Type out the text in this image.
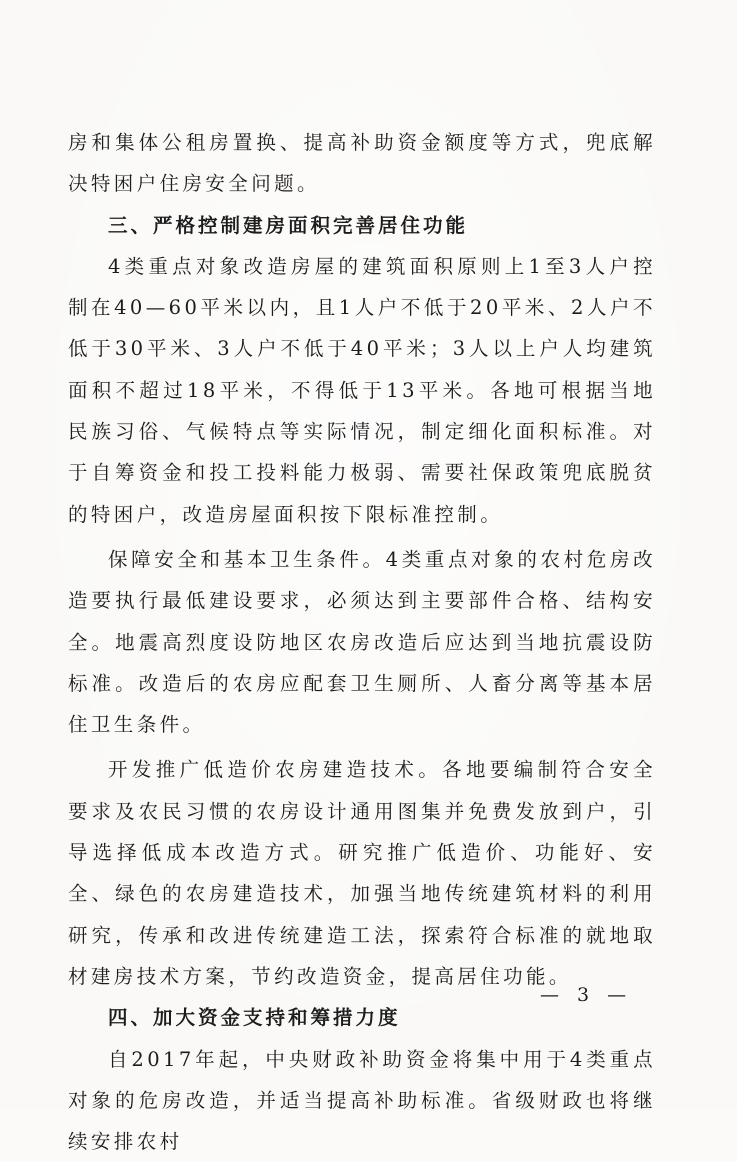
房和集体公租房置换、提高补助资金额度等方式，兜底解决特困户住房安全问题。

三、严格控制建房面积完善居住功能

4类重点对象改造房屋的建筑面积原则上1至3人户控制在40—60平米以内，且1人户不低于20平米、2人户不低于30平米、3人户不低于40平米；3人以上户人均建筑面积不超过18平米，不得低于13平米。各地可根据当地民族习俗、气候特点等实际情况，制定细化面积标准。对于自筹资金和投工投料能力极弱、需要社保政策兜底脱贫的特困户，改造房屋面积按下限标准控制。

保障安全和基本卫生条件。4类重点对象的农村危房改造要执行最低建设要求，必须达到主要部件合格、结构安全。地震高烈度设防地区农房改造后应达到当地抗震设防标准。改造后的农房应配套卫生厕所、人畜分离等基本居住卫生条件。

开发推广低造价农房建造技术。各地要编制符合安全要求及农民习惯的农房设计通用图集并免费发放到户，引导选择低成本改造方式。研究推广低造价、功能好、安全、绿色的农房建造技术，加强当地传统建筑材料的利用研究，传承和改进传统建造工法，探索符合标准的就地取材建房技术方案，节约改造资金，提高居住功能。

四、加大资金支持和筹措力度

自2017年起，中央财政补助资金将集中用于4类重点对象的危房改造，并适当提高补助标准。省级财政也将继续安排农村

— 3 —
